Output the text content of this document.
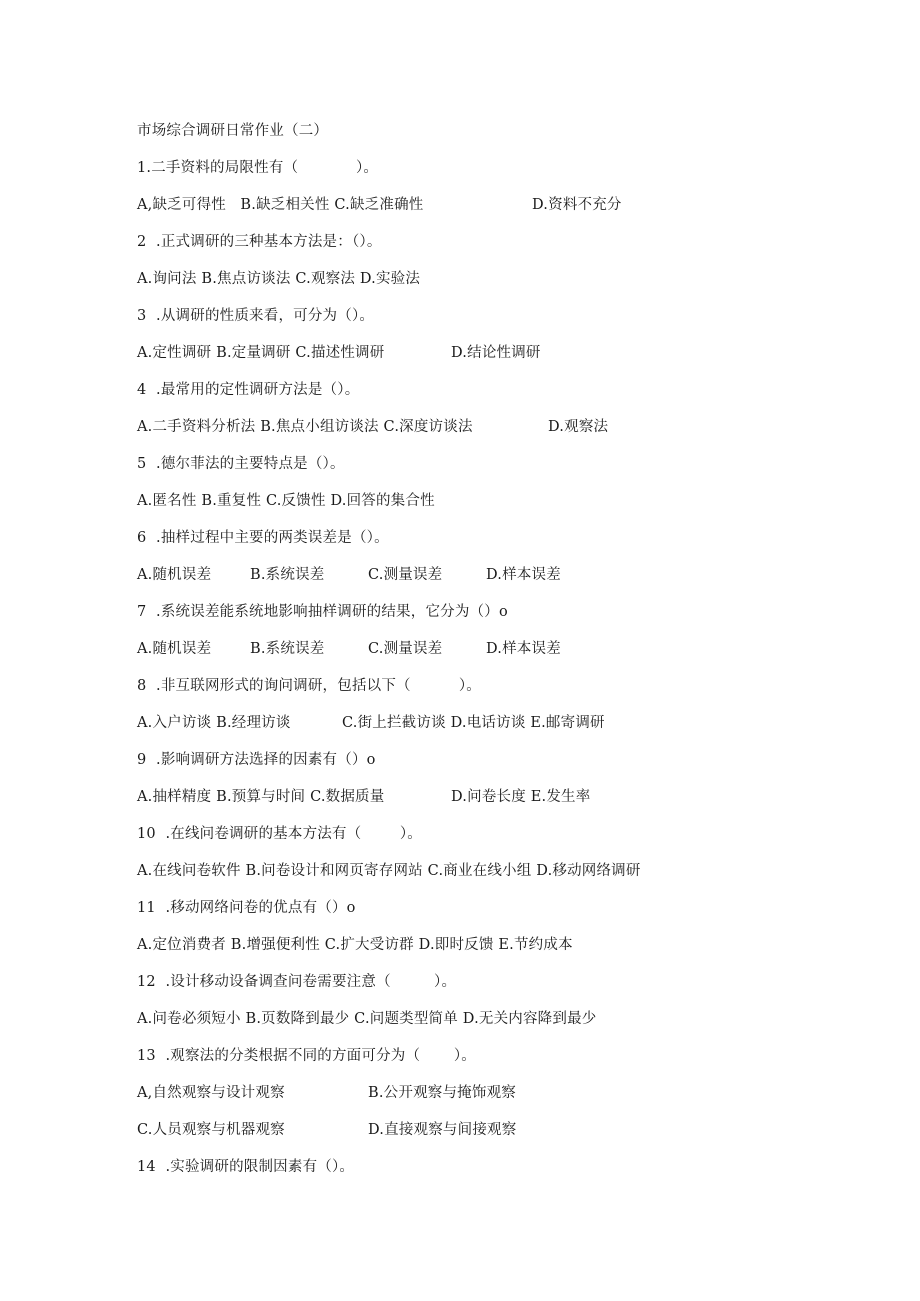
市场综合调研日常作业（二）
1.二手资料的局限性有（            ）。

A,缺乏可得性   B.缺乏相关性 C.缺乏准确性

	D.资料不充分

2  .正式调研的三种基本方法是：（）。
A.询问法 B.焦点访谈法 C.观察法 D.实验法
3  .从调研的性质来看，可分为（）。

A.定性调研 B.定量调研 C.描述性调研

	D.结论性调研

4  .最常用的定性调研方法是（）。

A.二手资料分析法 B.焦点小组访谈法 C.深度访谈法

	D.观察法

5  .德尔菲法的主要特点是（）。
A.匿名性 B.重复性 C.反馈性 D.回答的集合性
6  .抽样过程中主要的两类误差是（）。

A.随机误差

	B.系统误差

	C.测量误差

	D.样本误差

7  .系统误差能系统地影响抽样调研的结果，它分为（）o

A.随机误差

	B.系统误差

	C.测量误差

	D.样本误差

8  .非互联网形式的询问调研，包括以下（          ）。

A.入户访谈 B.经理访谈

	C.街上拦截访谈 D.电话访谈 E.邮寄调研

9  .影响调研方法选择的因素有（）o

A.抽样精度 B.预算与时间 C.数据质量

	D.问卷长度 E.发生率

10  .在线问卷调研的基本方法有（        ）。
A.在线问卷软件 B.问卷设计和网页寄存网站 C.商业在线小组 D.移动网络调研
11  .移动网络问卷的优点有（）o
A.定位消费者 B.增强便利性 C.扩大受访群 D.即时反馈 E.节约成本
12  .设计移动设备调查问卷需要注意（         ）。
A.问卷必须短小 B.页数降到最少 C.问题类型简单 D.无关内容降到最少
13  .观察法的分类根据不同的方面可分为（       ）。

A,自然观察与设计观察

	B.公开观察与掩饰观察

C.人员观察与机器观察

	D.直接观察与间接观察

14  .实验调研的限制因素有（）。
